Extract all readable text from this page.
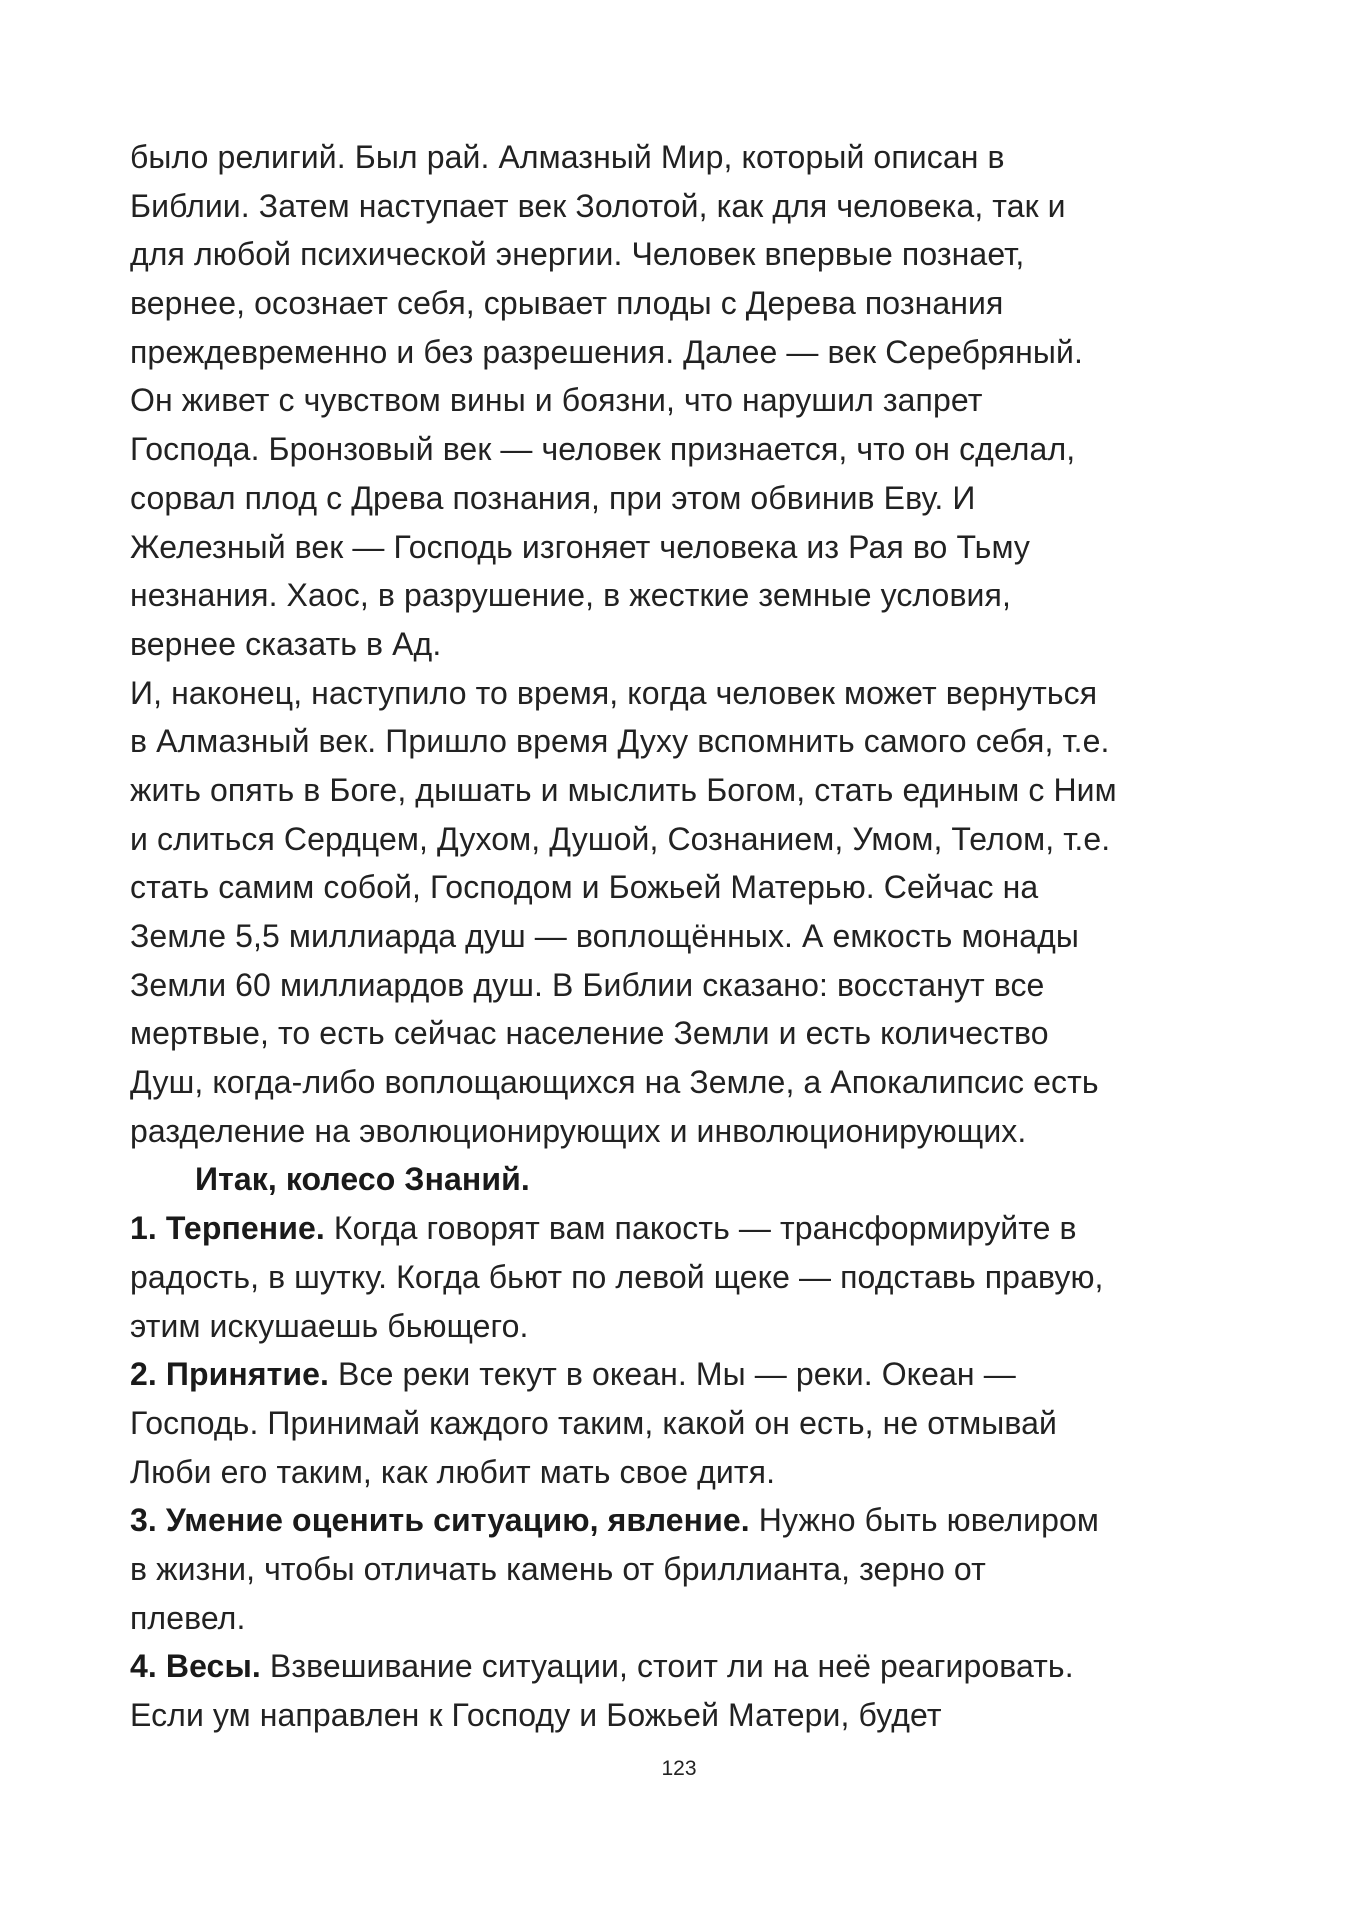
было религий. Был рай. Алмазный Мир, который описан в
Библии. Затем наступает век Золотой, как для человека, так и
для любой психической энергии. Человек впервые познает,
вернее, осознает себя, срывает плоды с Дерева познания
преждевременно и без разрешения. Далее — век Серебряный.
Он живет с чувством вины и боязни, что нарушил запрет
Господа. Бронзовый век — человек признается, что он сделал,
сорвал плод с Древа познания, при этом обвинив Еву. И
Железный век — Господь изгоняет человека из Рая во Тьму
незнания. Хаос, в разрушение, в жесткие земные условия,
вернее сказать в Ад.
И, наконец, наступило то время, когда человек может вернуться
в Алмазный век. Пришло время Духу вспомнить самого себя, т.е.
жить опять в Боге, дышать и мыслить Богом, стать единым с Ним
и слиться Сердцем, Духом, Душой, Сознанием, Умом, Телом, т.е.
стать самим собой, Господом и Божьей Матерью. Сейчас на
Земле 5,5 миллиарда душ — воплощённых. А емкость монады
Земли 60 миллиардов душ. В Библии сказано: восстанут все
мертвые, то есть сейчас население Земли и есть количество
Душ, когда-либо воплощающихся на Земле, а Апокалипсис есть
разделение на эволюционирующих и инволюционирующих.
Итак, колесо Знаний.
1. Терпение. Когда говорят вам пакость — трансформируйте в
радость, в шутку. Когда бьют по левой щеке — подставь правую,
этим искушаешь бьющего.
2. Принятие. Все реки текут в океан. Мы — реки. Океан —
Господь. Принимай каждого таким, какой он есть, не отмывай
Люби его таким, как любит мать свое дитя.
3. Умение оценить ситуацию, явление. Нужно быть ювелиром
в жизни, чтобы отличать камень от бриллианта, зерно от
плевел.
4. Весы. Взвешивание ситуации, стоит ли на неё реагировать.
Если ум направлен к Господу и Божьей Матери, будет
123
